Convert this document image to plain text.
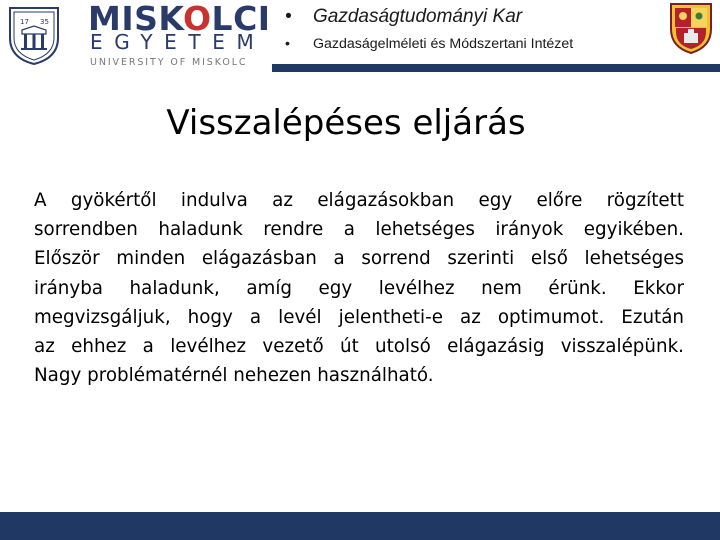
17 35 MISKOLCI
EGYETEM
UNIVERSITY OF MISKOLC
• Gazdaságtudományi Kar
• Gazdaságelméleti és Módszertani Intézet
Visszalépéses eljárás
A gyökértől indulva az elágazásokban egy előre rögzített
sorrendben haladunk rendre a lehetséges irányok egyikében.
Először minden elágazásban a sorrend szerinti első lehetséges
irányba haladunk, amíg egy levélhez nem érünk. Ekkor
megvizsgáljuk, hogy a levél jelentheti-e az optimumot. Ezután
az ehhez a levélhez vezető út utolsó elágazásig visszalépünk.
Nagy problématérnél nehezen használható.
